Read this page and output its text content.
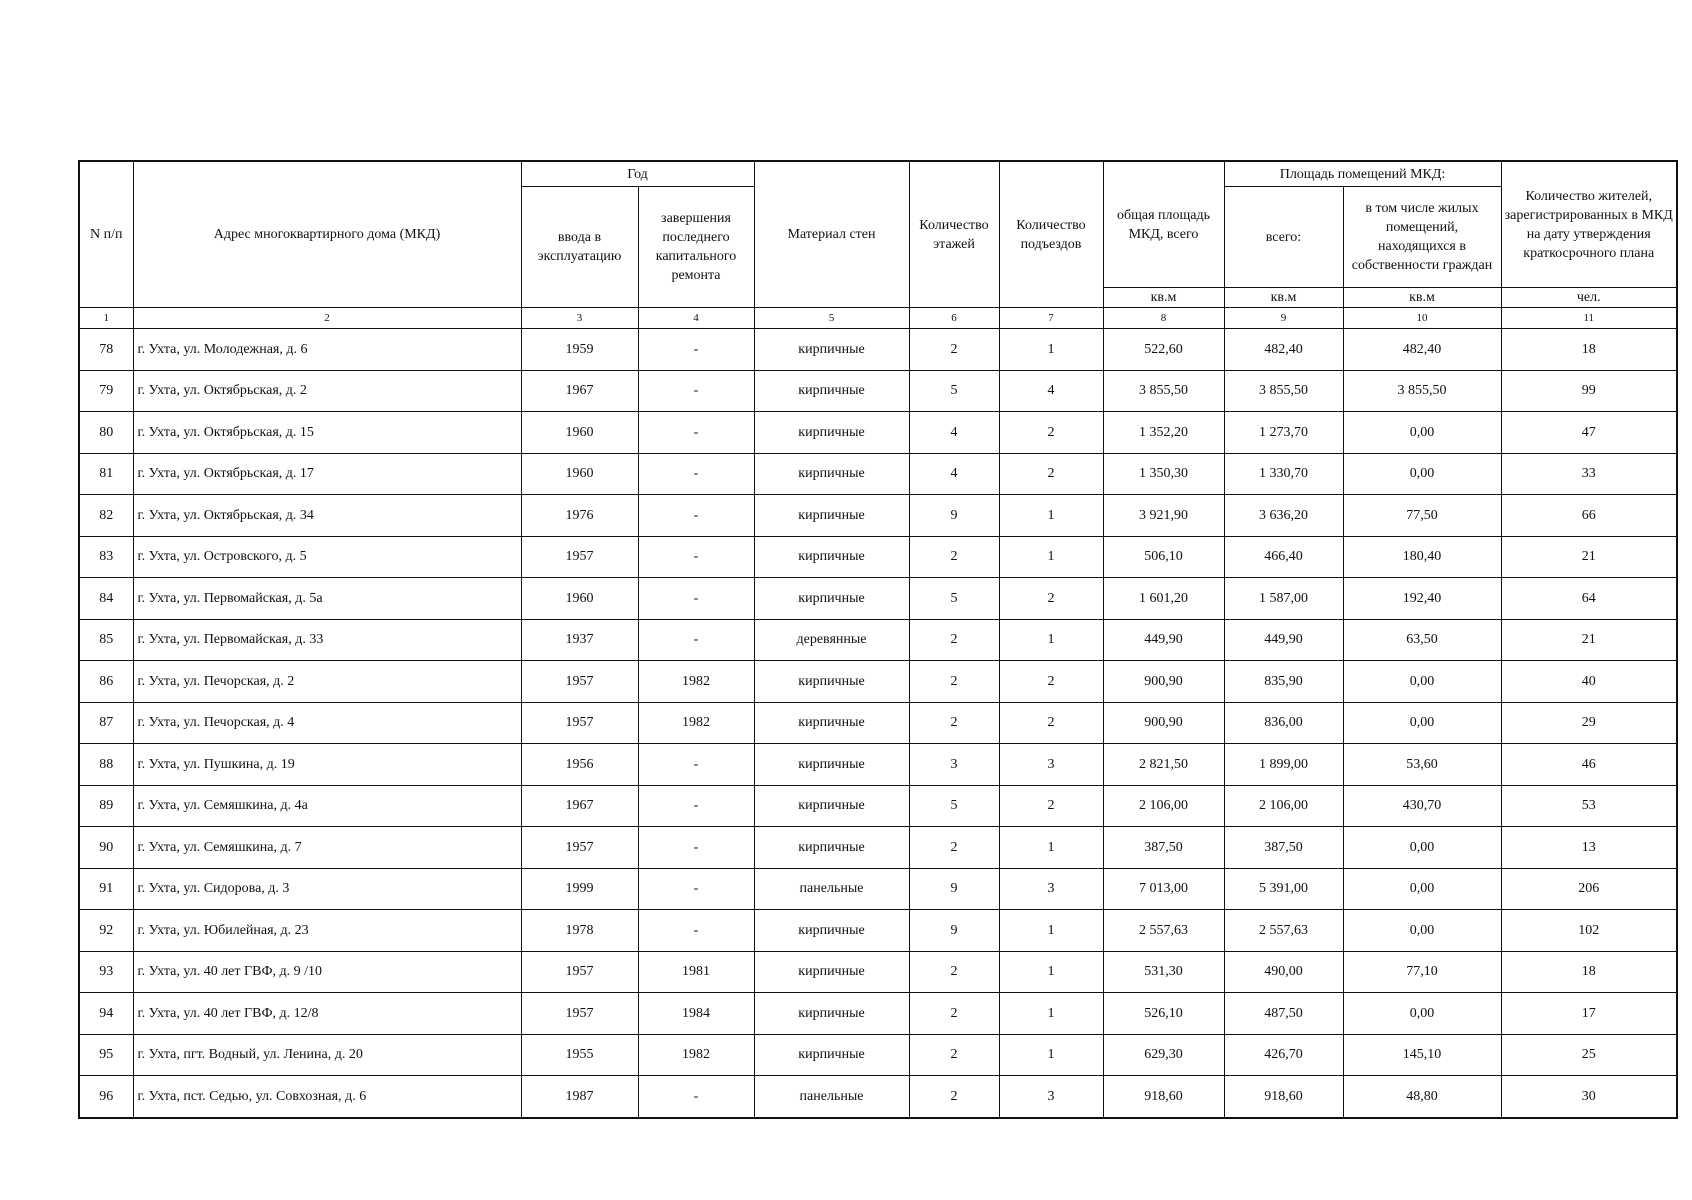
N п/п	Адрес многоквартирного дома (МКД)	Год		Материал стен	Количество этажей	Количество подъездов	общая площадь МКД, всего	Площадь помещений МКД:		Количество жителей, зарегистрированных в МКД на дату утверждения краткосрочного плана
		ввода в эксплуатацию	завершения последнего капитального ремонта					всего:	в том числе жилых помещений, находящихся в собственности граждан	
							кв.м	кв.м	кв.м	чел.
1	2	3	4	5	6	7	8	9	10	11
78	г. Ухта, ул. Молодежная, д. 6	1959	-	кирпичные	2	1	522,60	482,40	482,40	18
79	г. Ухта, ул. Октябрьская, д. 2	1967	-	кирпичные	5	4	3 855,50	3 855,50	3 855,50	99
80	г. Ухта, ул. Октябрьская, д. 15	1960	-	кирпичные	4	2	1 352,20	1 273,70	0,00	47
81	г. Ухта, ул. Октябрьская, д. 17	1960	-	кирпичные	4	2	1 350,30	1 330,70	0,00	33
82	г. Ухта, ул. Октябрьская, д. 34	1976	-	кирпичные	9	1	3 921,90	3 636,20	77,50	66
83	г. Ухта, ул. Островского, д. 5	1957	-	кирпичные	2	1	506,10	466,40	180,40	21
84	г. Ухта, ул. Первомайская, д. 5а	1960	-	кирпичные	5	2	1 601,20	1 587,00	192,40	64
85	г. Ухта, ул. Первомайская, д. 33	1937	-	деревянные	2	1	449,90	449,90	63,50	21
86	г. Ухта, ул. Печорская, д. 2	1957	1982	кирпичные	2	2	900,90	835,90	0,00	40
87	г. Ухта, ул. Печорская, д. 4	1957	1982	кирпичные	2	2	900,90	836,00	0,00	29
88	г. Ухта, ул. Пушкина, д. 19	1956	-	кирпичные	3	3	2 821,50	1 899,00	53,60	46
89	г. Ухта, ул. Семяшкина, д. 4а	1967	-	кирпичные	5	2	2 106,00	2 106,00	430,70	53
90	г. Ухта, ул. Семяшкина, д. 7	1957	-	кирпичные	2	1	387,50	387,50	0,00	13
91	г. Ухта, ул. Сидорова, д. 3	1999	-	панельные	9	3	7 013,00	5 391,00	0,00	206
92	г. Ухта, ул. Юбилейная, д. 23	1978	-	кирпичные	9	1	2 557,63	2 557,63	0,00	102
93	г. Ухта, ул. 40 лет ГВФ, д. 9 /10	1957	1981	кирпичные	2	1	531,30	490,00	77,10	18
94	г. Ухта, ул. 40 лет ГВФ, д. 12/8	1957	1984	кирпичные	2	1	526,10	487,50	0,00	17
95	г. Ухта, пгт. Водный, ул. Ленина, д. 20	1955	1982	кирпичные	2	1	629,30	426,70	145,10	25
96	г. Ухта, пст. Седью, ул. Совхозная, д. 6	1987	-	панельные	2	3	918,60	918,60	48,80	30
